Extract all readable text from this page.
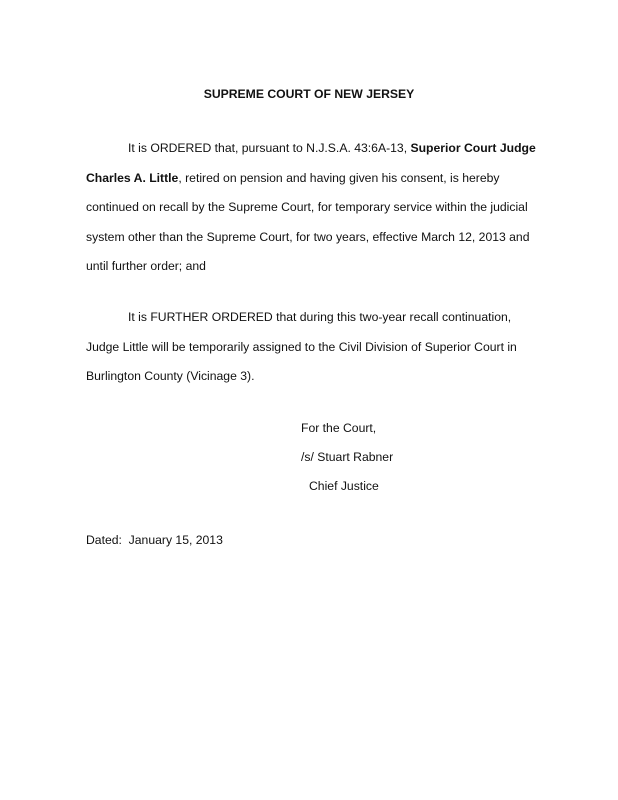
SUPREME COURT OF NEW JERSEY

It is ORDERED that, pursuant to N.J.S.A. 43:6A-13, Superior Court Judge Charles A. Little, retired on pension and having given his consent, is hereby continued on recall by the Supreme Court, for temporary service within the judicial system other than the Supreme Court, for two years, effective March 12, 2013 and until further order; and

It is FURTHER ORDERED that during this two-year recall continuation, Judge Little will be temporarily assigned to the Civil Division of Superior Court in Burlington County (Vicinage 3).

For the Court,
/s/ Stuart Rabner
Chief Justice
Dated:  January 15, 2013
